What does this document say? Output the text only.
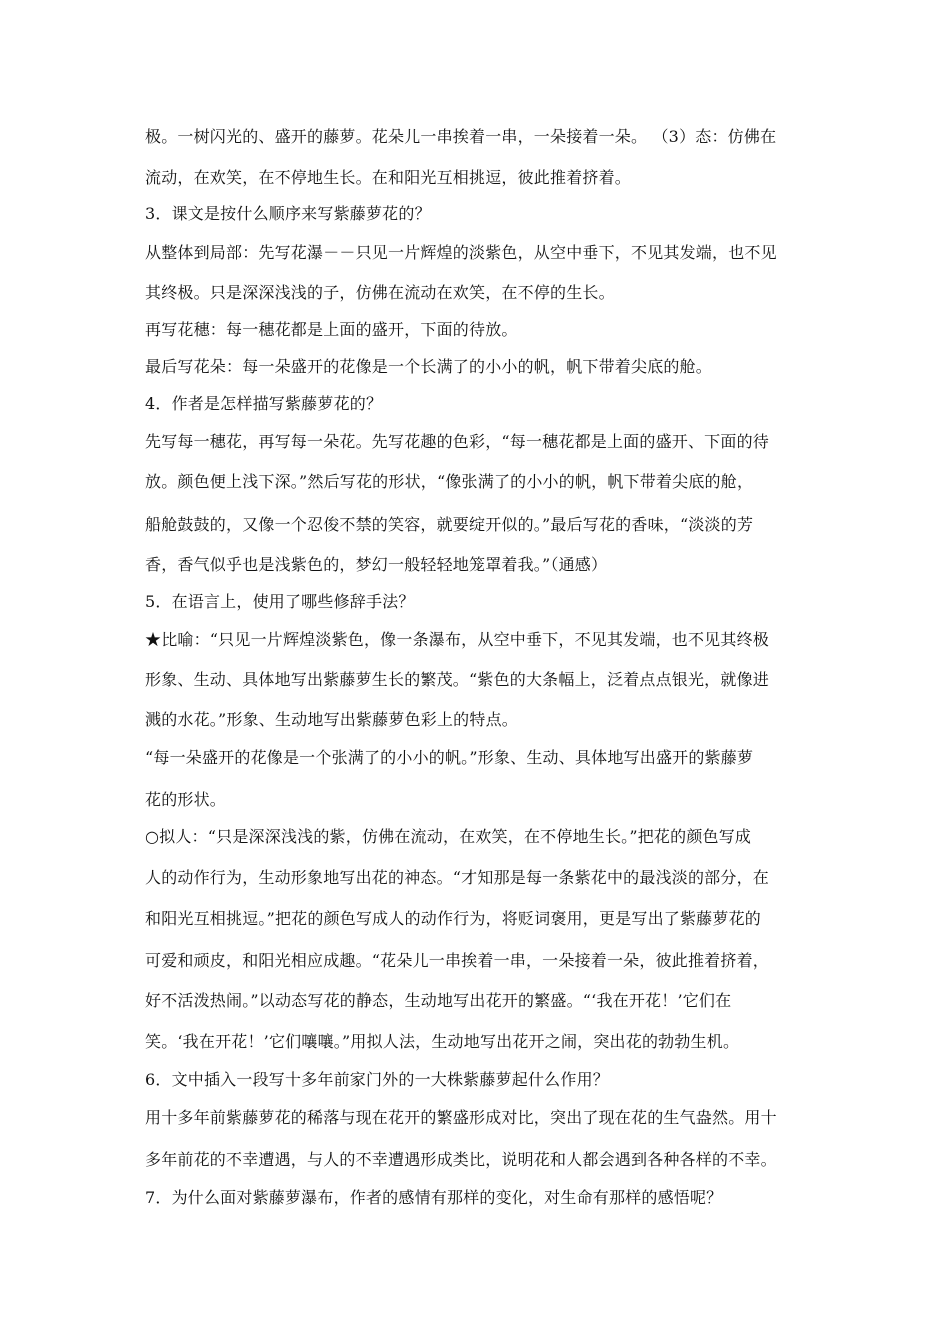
极。一树闪光的、盛开的藤萝。花朵儿一串挨着一串，一朵接着一朵。 （3）态：仿佛在
流动，在欢笑，在不停地生长。在和阳光互相挑逗，彼此推着挤着。
3．课文是按什么顺序来写紫藤萝花的？
从整体到局部：先写花瀑－－只见一片辉煌的淡紫色，从空中垂下，不见其发端，也不见
其终极。只是深深浅浅的子，仿佛在流动在欢笑，在不停的生长。
再写花穗：每一穗花都是上面的盛开，下面的待放。
最后写花朵：每一朵盛开的花像是一个长满了的小小的帆，帆下带着尖底的舱。
4．作者是怎样描写紫藤萝花的？
先写每一穗花，再写每一朵花。先写花趣的色彩，“每一穗花都是上面的盛开、下面的待
放。颜色便上浅下深。”然后写花的形状，“像张满了的小小的帆，帆下带着尖底的舱，
船舱鼓鼓的，又像一个忍俊不禁的笑容，就要绽开似的。”最后写花的香味，“淡淡的芳
香，香气似乎也是浅紫色的，梦幻一般轻轻地笼罩着我。”（通感）
5．在语言上，使用了哪些修辞手法？
★比喻：“只见一片辉煌淡紫色，像一条瀑布，从空中垂下，不见其发端，也不见其终极
形象、生动、具体地写出紫藤萝生长的繁茂。“紫色的大条幅上，泛着点点银光，就像进
溅的水花。”形象、生动地写出紫藤萝色彩上的特点。
“每一朵盛开的花像是一个张满了的小小的帆。”形象、生动、具体地写出盛开的紫藤萝
花的形状。
○拟人：“只是深深浅浅的紫，仿佛在流动，在欢笑，在不停地生长。”把花的颜色写成
人的动作行为，生动形象地写出花的神态。“才知那是每一条紫花中的最浅淡的部分，在
和阳光互相挑逗。”把花的颜色写成人的动作行为，将贬词褒用，更是写出了紫藤萝花的
可爱和顽皮，和阳光相应成趣。“花朵儿一串挨着一串，一朵接着一朵，彼此推着挤着，
好不活泼热闹。”以动态写花的静态，生动地写出花开的繁盛。“‘我在开花！’它们在
笑。‘我在开花！’它们嚷嚷。”用拟人法，生动地写出花开之闹，突出花的勃勃生机。
6．文中插入一段写十多年前家门外的一大株紫藤萝起什么作用？
用十多年前紫藤萝花的稀落与现在花开的繁盛形成对比，突出了现在花的生气盎然。用十
多年前花的不幸遭遇，与人的不幸遭遇形成类比，说明花和人都会遇到各种各样的不幸。
7．为什么面对紫藤萝瀑布，作者的感情有那样的变化，对生命有那样的感悟呢？
